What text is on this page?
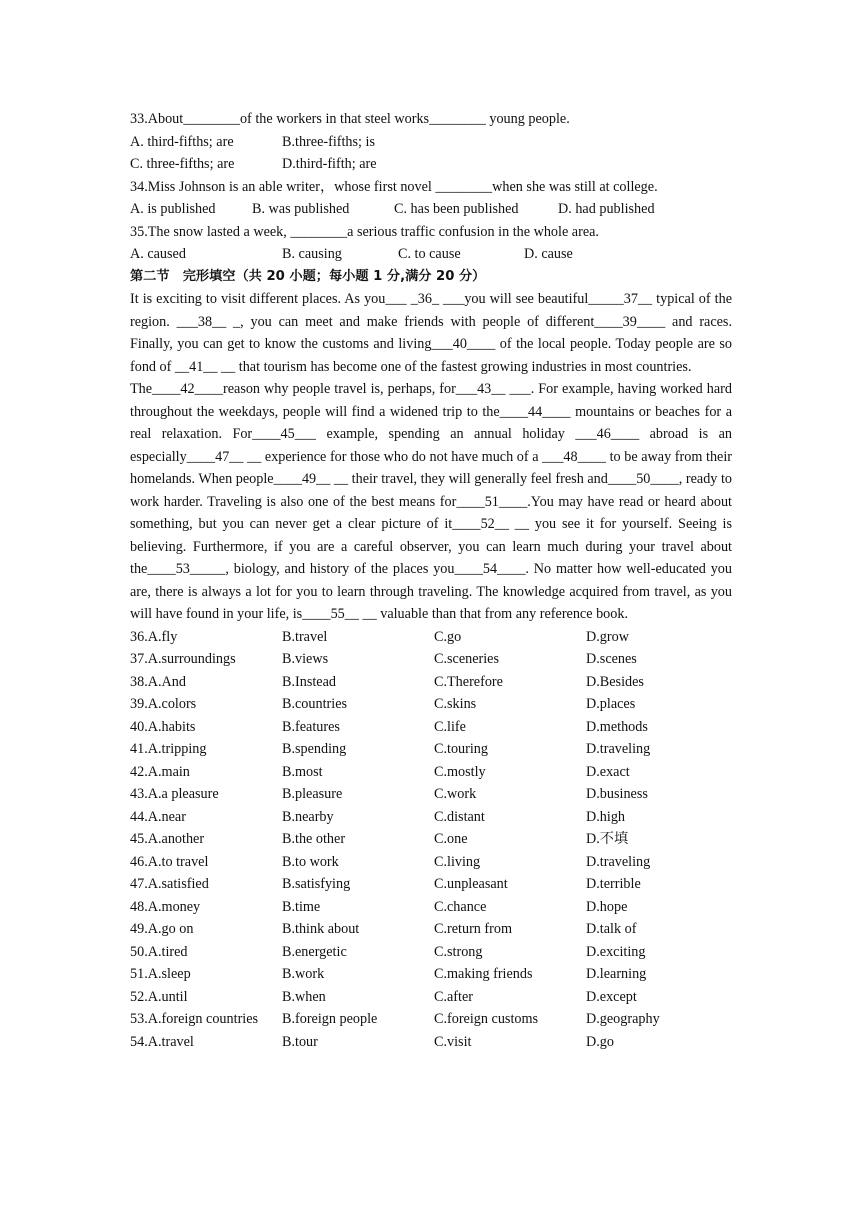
33.About________of the workers in that steel works________ young people.
A. third-fifths; are	B.three-fifths; is
C. three-fifths; are	D.third-fifth; are
34.Miss Johnson is an able writer，whose first novel ________when she was still at college.
A. is published	B. was published	C. has been published	D. had published
35.The snow lasted a week, ________a serious traffic confusion in the whole area.
A. caused	B. causing	C. to cause	D. cause
第二节　完形填空（共 20 小题；每小题 1 分,满分 20 分）

It is exciting to visit different places. As you___ _36_ ___you will see beautiful_____37__ typical of the region. ___38__ _, you can meet and make friends with people of different____39____ and races. Finally, you can get to know the customs and living___40____ of the local people. Today people are so fond of __41__ __ that tourism has become one of the fastest growing industries in most countries.

The____42____reason why people travel is, perhaps, for___43__ ___. For example, having worked hard throughout the weekdays, people will find a widened trip to the____44____ mountains or beaches for a real relaxation. For____45___ example, spending an annual holiday ___46____ abroad is an especially____47__ __ experience for those who do not have much of a ___48____ to be away from their homelands. When people____49__ __ their travel, they will generally feel fresh and____50____, ready to work harder. Traveling is also one of the best means for____51____.You may have read or heard about something, but you can never get a clear picture of it____52__ __ you see it for yourself. Seeing is believing. Furthermore, if you are a careful observer, you can learn much during your travel about the____53_____, biology, and history of the places you____54____. No matter how well-educated you are, there is always a lot for you to learn through traveling. The knowledge acquired from travel, as you will have found in your life, is____55__ __ valuable than that from any reference book.

36.A.fly	B.travel	C.go	D.grow
37.A.surroundings	B.views	C.sceneries	D.scenes
38.A.And	B.Instead	C.Therefore	D.Besides
39.A.colors	B.countries	C.skins	D.places
40.A.habits	B.features	C.life	D.methods
41.A.tripping	B.spending	C.touring	D.traveling
42.A.main	B.most	C.mostly	D.exact
43.A.a pleasure	B.pleasure	C.work	D.business
44.A.near	B.nearby	C.distant	D.high
45.A.another	B.the other	C.one	D.不填
46.A.to travel	B.to work	C.living	D.traveling
47.A.satisfied	B.satisfying	C.unpleasant	D.terrible
48.A.money	B.time	C.chance	D.hope
49.A.go on	B.think about	C.return from	D.talk of
50.A.tired	B.energetic	C.strong	D.exciting
51.A.sleep	B.work	C.making friends	D.learning
52.A.until	B.when	C.after	D.except
53.A.foreign countries	B.foreign people	C.foreign customs	D.geography
54.A.travel	B.tour	C.visit	D.go
